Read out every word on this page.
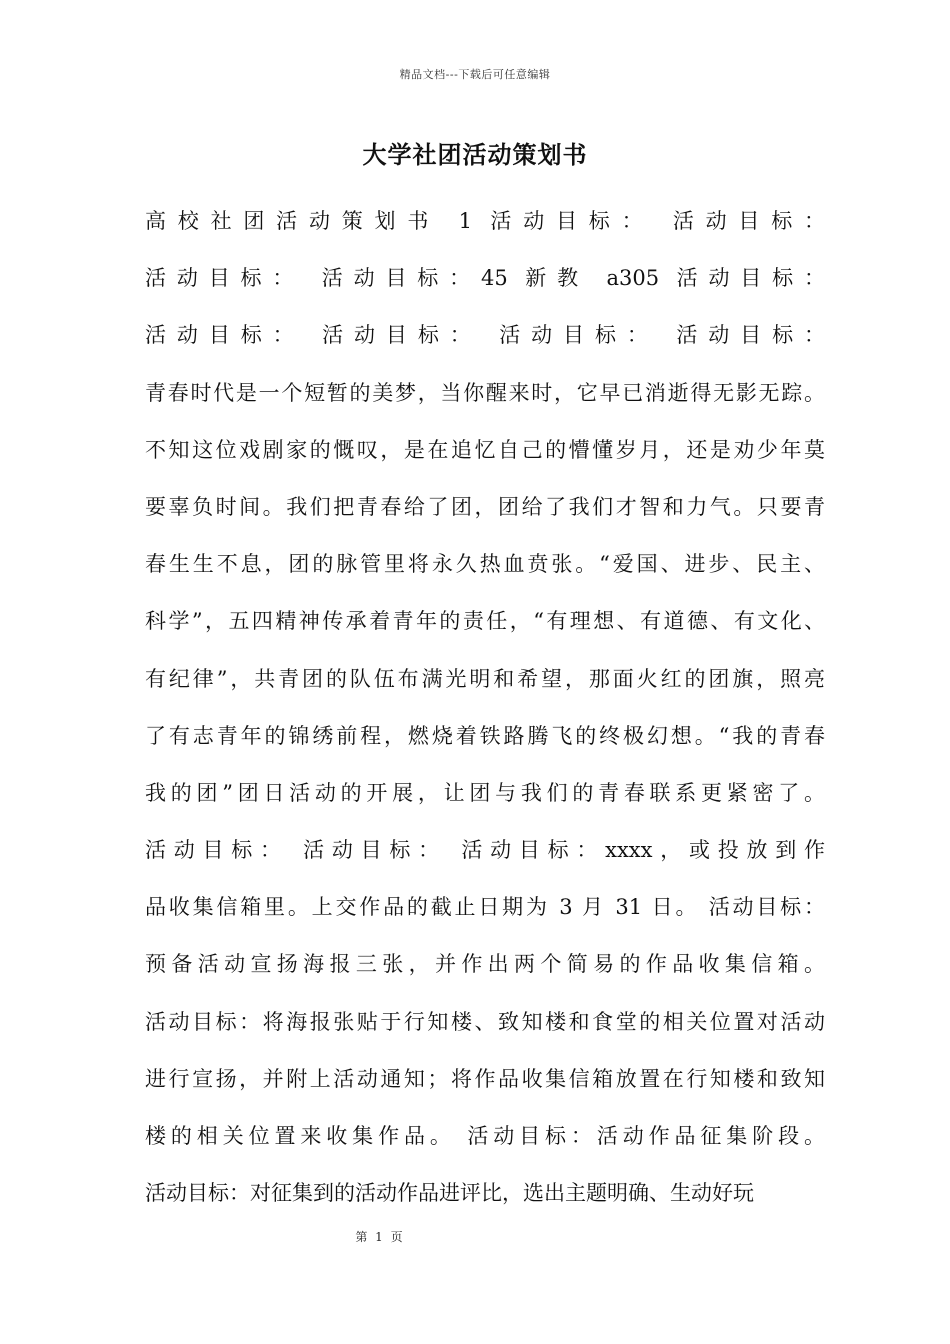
精品文档---下载后可任意编辑
大学社团活动策划书
高校社团活动策划书 1 活动目标： 活动目标：
活动目标： 活动目标：45 新教 a305 活动目标：
活动目标： 活动目标： 活动目标： 活动目标：
青春时代是一个短暂的美梦，当你醒来时，它早已消逝得无影无踪。
不知这位戏剧家的慨叹，是在追忆自己的懵懂岁月，还是劝少年莫
要辜负时间。我们把青春给了团，团给了我们才智和力气。只要青
春生生不息，团的脉管里将永久热血贲张。“爱国、进步、民主、
科学”，五四精神传承着青年的责任，“有理想、有道德、有文化、
有纪律”，共青团的队伍布满光明和希望，那面火红的团旗，照亮
了有志青年的锦绣前程，燃烧着铁路腾飞的终极幻想。“我的青春
我的团”团日活动的开展，让团与我们的青春联系更紧密了。
活动目标： 活动目标： 活动目标：xxxx，或投放到作
品收集信箱里。上交作品的截止日期为 3 月 31 日。 活动目标：
预备活动宣扬海报三张，并作出两个简易的作品收集信箱。
活动目标：将海报张贴于行知楼、致知楼和食堂的相关位置对活动
进行宣扬，并附上活动通知；将作品收集信箱放置在行知楼和致知
楼的相关位置来收集作品。 活动目标：活动作品征集阶段。
活动目标：对征集到的活动作品进评比，选出主题明确、生动好玩
第 1 页
